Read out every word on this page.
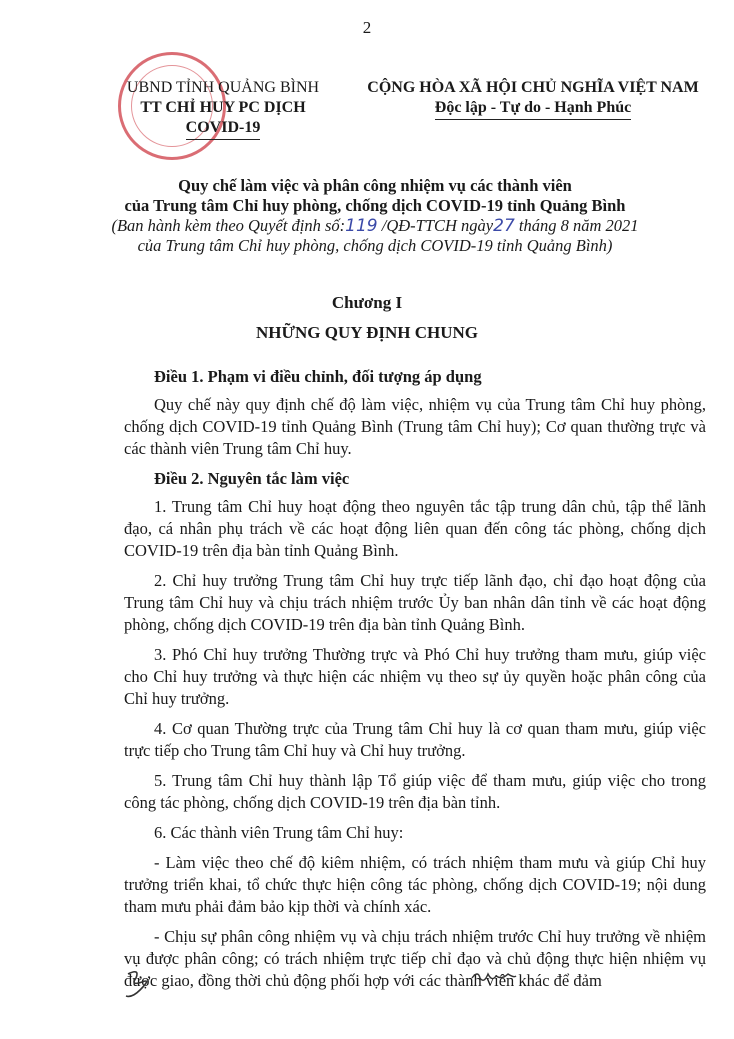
2
UBND TỈNH QUẢNG BÌNH
TT CHỈ HUY PC DỊCH
COVID-19
CỘNG HÒA XÃ HỘI CHỦ NGHĨA VIỆT NAM
Độc lập - Tự do - Hạnh Phúc
Quy chế làm việc và phân công nhiệm vụ các thành viên
của Trung tâm Chỉ huy phòng, chống dịch COVID-19 tỉnh Quảng Bình
(Ban hành kèm theo Quyết định số:119 /QĐ-TTCH ngày27 tháng 8 năm 2021
của Trung tâm Chỉ huy phòng, chống dịch COVID-19 tỉnh Quảng Bình)
Chương I
NHỮNG QUY ĐỊNH CHUNG

Điều 1. Phạm vi điều chỉnh, đối tượng áp dụng

Quy chế này quy định chế độ làm việc, nhiệm vụ của Trung tâm Chỉ huy phòng, chống dịch COVID-19 tỉnh Quảng Bình (Trung tâm Chỉ huy); Cơ quan thường trực và các thành viên Trung tâm Chỉ huy.

Điều 2. Nguyên tắc làm việc

1. Trung tâm Chỉ huy hoạt động theo nguyên tắc tập trung dân chủ, tập thể lãnh đạo, cá nhân phụ trách về các hoạt động liên quan đến công tác phòng, chống dịch COVID-19 trên địa bàn tỉnh Quảng Bình.

2. Chỉ huy trưởng Trung tâm Chỉ huy trực tiếp lãnh đạo, chỉ đạo hoạt động của Trung tâm Chỉ huy và chịu trách nhiệm trước Ủy ban nhân dân tỉnh về các hoạt động phòng, chống dịch COVID-19 trên địa bàn tỉnh Quảng Bình.

3. Phó Chỉ huy trưởng Thường trực và Phó Chỉ huy trưởng tham mưu, giúp việc cho Chỉ huy trưởng và thực hiện các nhiệm vụ theo sự ủy quyền hoặc phân công của Chỉ huy trưởng.

4. Cơ quan Thường trực của Trung tâm Chỉ huy là cơ quan tham mưu, giúp việc trực tiếp cho Trung tâm Chỉ huy và Chỉ huy trưởng.

5. Trung tâm Chỉ huy thành lập Tổ giúp việc để tham mưu, giúp việc cho trong công tác phòng, chống dịch COVID-19 trên địa bàn tỉnh.

6. Các thành viên Trung tâm Chỉ huy:

- Làm việc theo chế độ kiêm nhiệm, có trách nhiệm tham mưu và giúp Chỉ huy trưởng triển khai, tổ chức thực hiện công tác phòng, chống dịch COVID-19; nội dung tham mưu phải đảm bảo kịp thời và chính xác.

- Chịu sự phân công nhiệm vụ và chịu trách nhiệm trước Chỉ huy trưởng về nhiệm vụ được phân công; có trách nhiệm trực tiếp chỉ đạo và chủ động thực hiện nhiệm vụ được giao, đồng thời chủ động phối hợp với các thành viên khác để đảm
